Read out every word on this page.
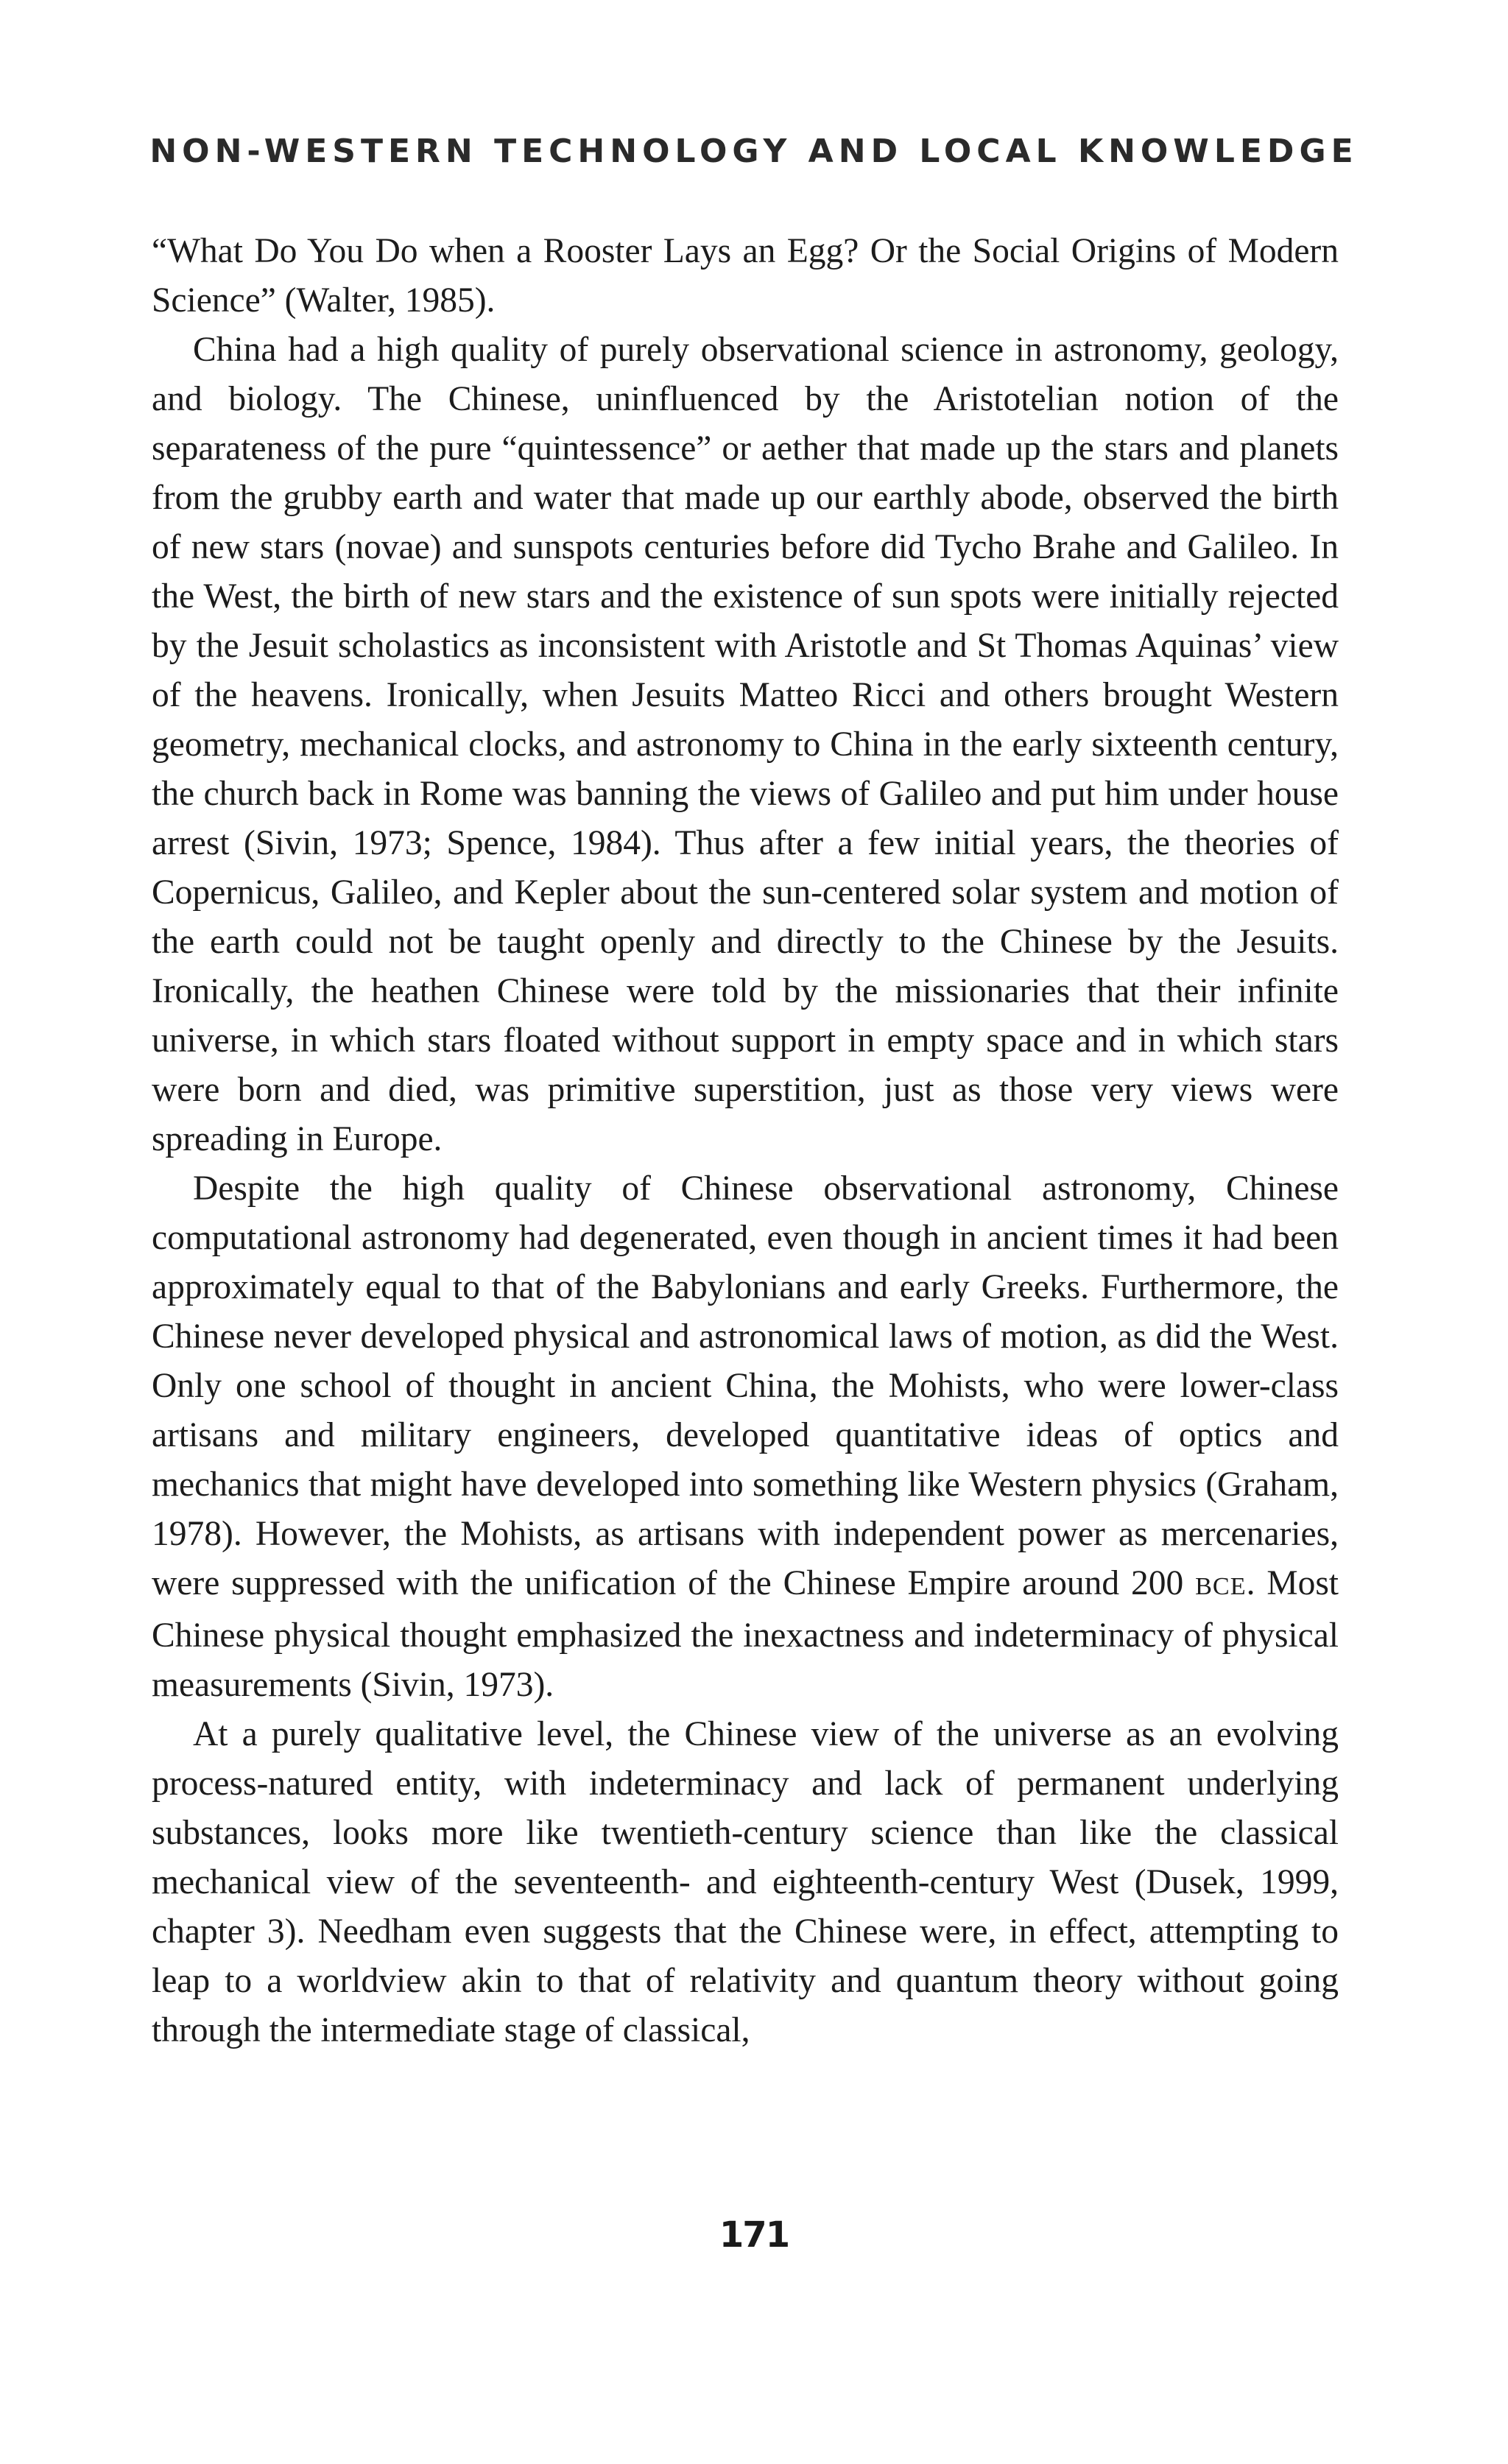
NON-WESTERN TECHNOLOGY AND LOCAL KNOWLEDGE

“What Do You Do when a Rooster Lays an Egg? Or the Social Origins of Modern Science” (Walter, 1985).

China had a high quality of purely observational science in astronomy, geology, and biology. The Chinese, uninfluenced by the Aristotelian notion of the separateness of the pure “quintessence” or aether that made up the stars and planets from the grubby earth and water that made up our earthly abode, observed the birth of new stars (novae) and sunspots centuries before did Tycho Brahe and Galileo. In the West, the birth of new stars and the existence of sun spots were initially rejected by the Jesuit scholastics as inconsistent with Aristotle and St Thomas Aquinas’ view of the heavens. Ironically, when Jesuits Matteo Ricci and others brought Western geometry, mechanical clocks, and astronomy to China in the early sixteenth century, the church back in Rome was banning the views of Galileo and put him under house arrest (Sivin, 1973; Spence, 1984). Thus after a few initial years, the theories of Copernicus, Galileo, and Kepler about the sun-centered solar system and motion of the earth could not be taught openly and directly to the Chinese by the Jesuits. Ironically, the heathen Chinese were told by the missionaries that their infinite universe, in which stars floated without support in empty space and in which stars were born and died, was primitive superstition, just as those very views were spreading in Europe.

Despite the high quality of Chinese observational astronomy, Chinese computational astronomy had degenerated, even though in ancient times it had been approximately equal to that of the Babylonians and early Greeks. Furthermore, the Chinese never developed physical and astronomical laws of motion, as did the West. Only one school of thought in ancient China, the Mohists, who were lower-class artisans and military engineers, developed quantitative ideas of optics and mechanics that might have developed into something like Western physics (Graham, 1978). However, the Mohists, as artisans with independent power as mercenaries, were suppressed with the unification of the Chinese Empire around 200 BCE. Most Chinese physical thought emphasized the inexactness and indeterminacy of physical measurements (Sivin, 1973).

At a purely qualitative level, the Chinese view of the universe as an evolving process-natured entity, with indeterminacy and lack of permanent underlying substances, looks more like twentieth-century science than like the classical mechanical view of the seventeenth- and eighteenth-century West (Dusek, 1999, chapter 3). Needham even suggests that the Chinese were, in effect, attempting to leap to a worldview akin to that of relativity and quantum theory without going through the intermediate stage of classical,

171
